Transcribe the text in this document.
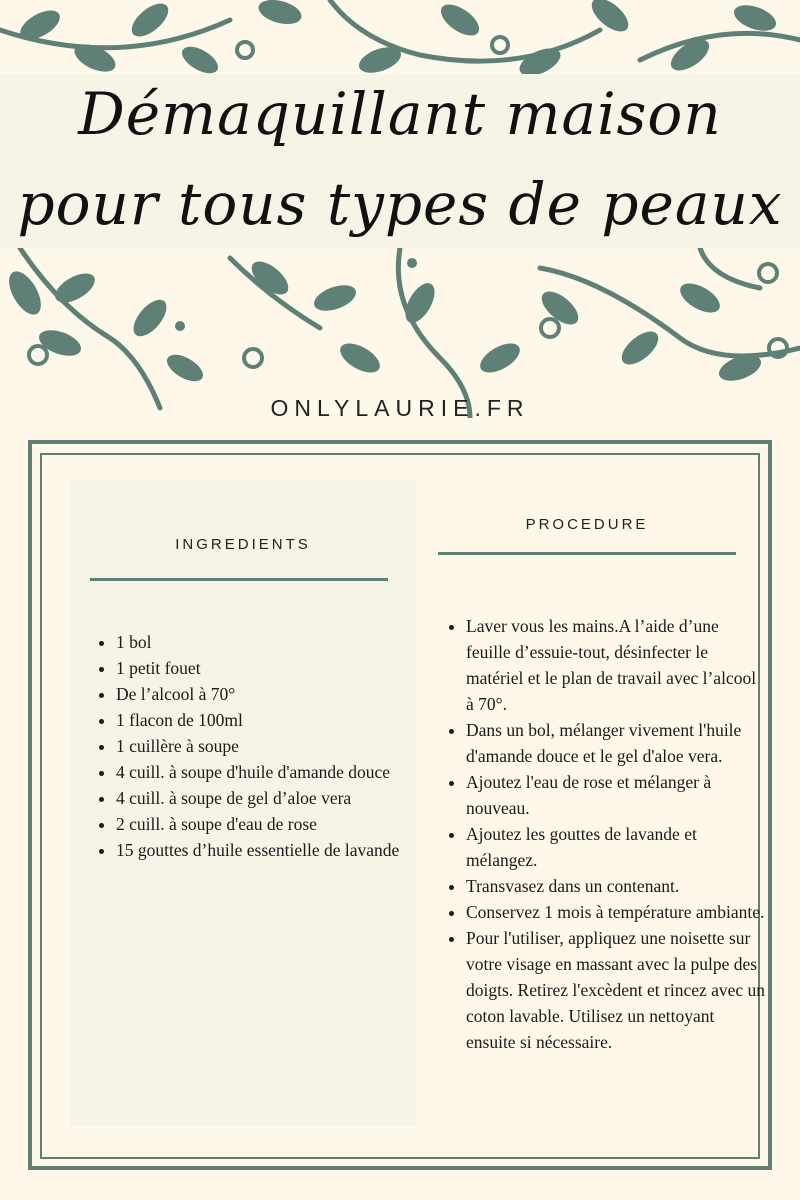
Démaquillant maison
pour tous types de peaux
ONLYLAURIE.FR
INGREDIENTS
• 1 bol
• 1 petit fouet
• De l’alcool à 70°
• 1 flacon de 100ml
• 1 cuillère à soupe
• 4 cuill. à soupe d'huile d'amande douce
• 4 cuill. à soupe de gel d’aloe vera
• 2 cuill. à soupe d'eau de rose
• 15 gouttes d’huile essentielle de lavande
PROCEDURE
• Laver vous les mains.A l’aide d’une feuille d’essuie-tout, désinfecter le matériel et le plan de travail avec l’alcool à 70°.
• Dans un bol, mélanger vivement l'huile d'amande douce et le gel d'aloe vera.
• Ajoutez l'eau de rose et mélanger à nouveau.
• Ajoutez les gouttes de lavande et mélangez.
• Transvasez dans un contenant.
• Conservez 1 mois à température ambiante.
• Pour l'utiliser, appliquez une noisette sur votre visage en massant avec la pulpe des doigts. Retirez l'excèdent et rincez avec un coton lavable. Utilisez un nettoyant ensuite si nécessaire.
